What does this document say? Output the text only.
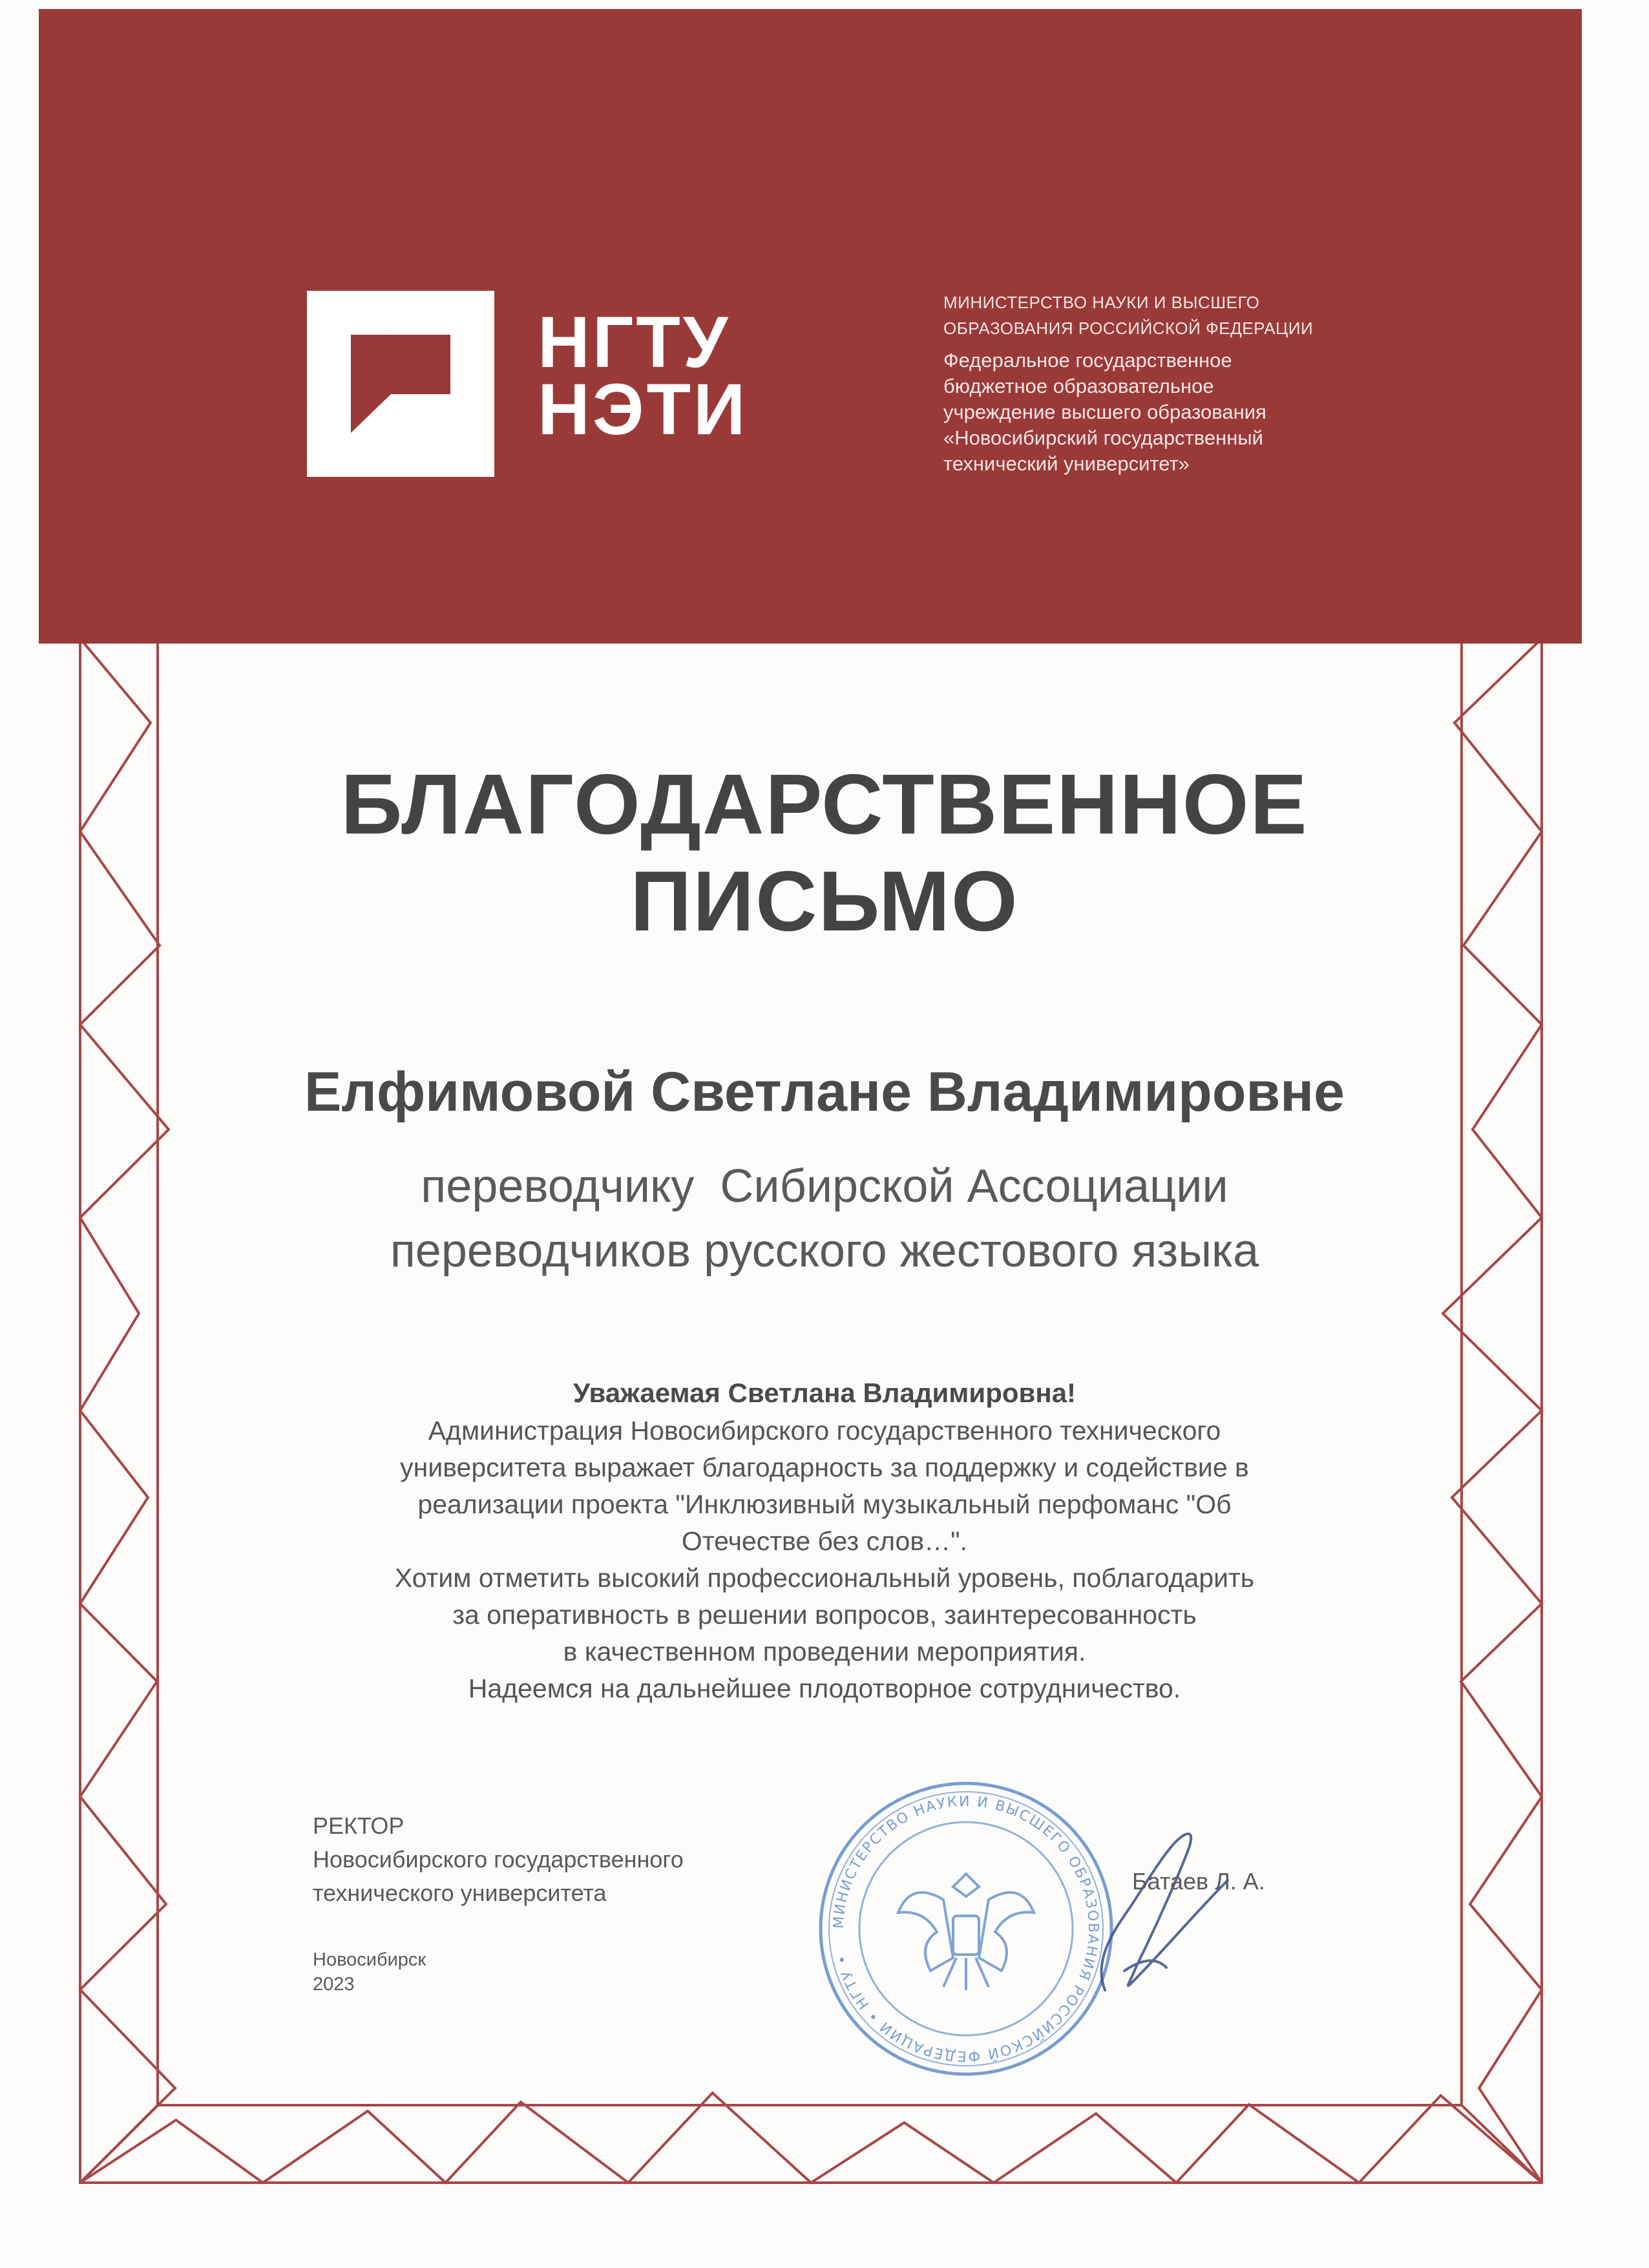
НГТУ
НЭТИ
МИНИСТЕРСТВО НАУКИ И ВЫСШЕГО
ОБРАЗОВАНИЯ РОССИЙСКОЙ ФЕДЕРАЦИИ
Федеральное государственное
бюджетное образовательное
учреждение высшего образования
«Новосибирский государственный
технический университет»
БЛАГОДАРСТВЕННОЕ
ПИСЬМО
Елфимовой Светлане Владимировне
переводчику  Сибирской Ассоциации
переводчиков русского жестового языка
Уважаемая Светлана Владимировна!
Администрация Новосибирского государственного технического
университета выражает благодарность за поддержку и содействие в
реализации проекта "Инклюзивный музыкальный перфоманс "Об
Отечестве без слов…".
Хотим отметить высокий профессиональный уровень, поблагодарить
за оперативность в решении вопросов, заинтересованность
в качественном проведении мероприятия.
Надеемся на дальнейшее плодотворное сотрудничество.
РЕКТОР
Новосибирского государственного
технического университета
Новосибирск
2023
МИНИСТЕРСТВО НАУКИ И ВЫСШЕГО ОБРАЗОВАНИЯ РОССИЙСКОЙ ФЕДЕРАЦИИ • НГТУ •
Батаев Л. А.
